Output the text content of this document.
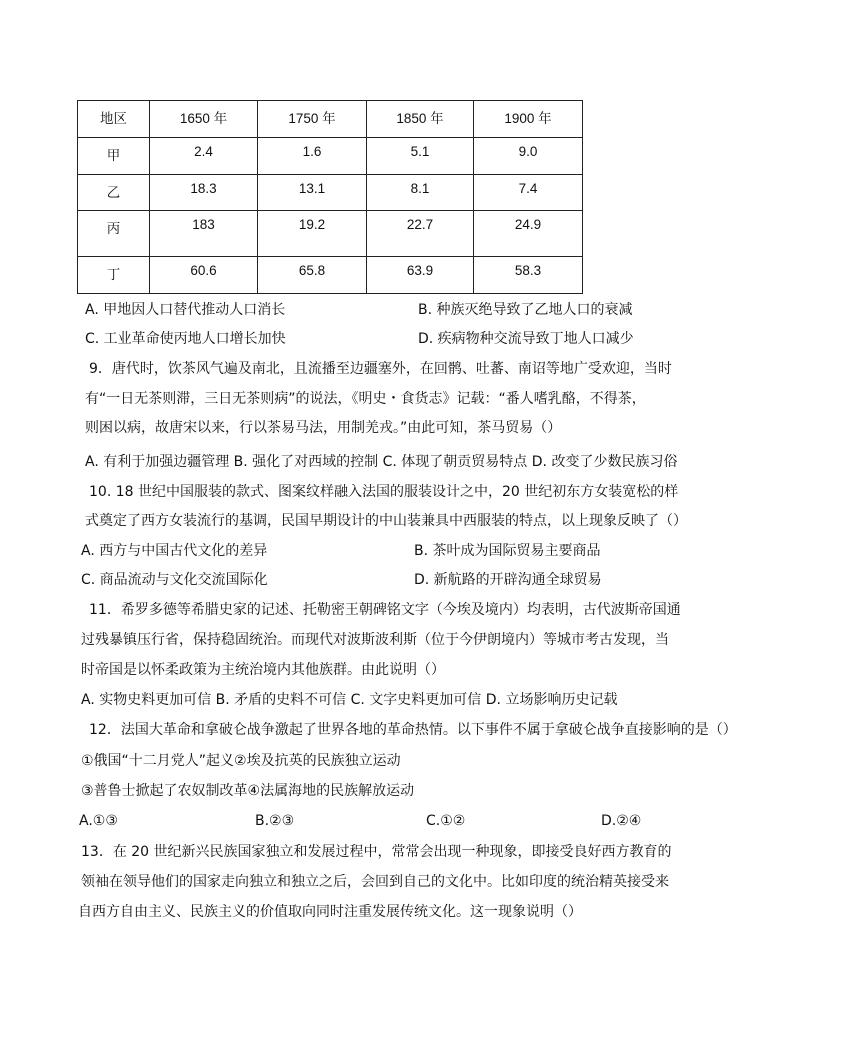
地区	1650 年	1750 年	1850 年	1900 年

甲	2.4	1.6	5.1	9.0

乙	18.3	13.1	8.1	7.4

丙	183	19.2	22.7	24.9

丁	60.6	65.8	63.9	58.3
A. 甲地因人口替代推动人口消长	B. 种族灭绝导致了乙地人口的衰减
C. 工业革命使丙地人口增长加快	D. 疾病物种交流导致丁地人口减少
9．唐代时，饮茶风气遍及南北，且流播至边疆塞外，在回鹘、吐蕃、南诏等地广受欢迎，当时
有“一日无茶则滞，三日无茶则病”的说法，《明史・食货志》记载：“番人嗜乳酪，不得茶，
则困以病，故唐宋以来，行以茶易马法，用制羌戎。”由此可知，茶马贸易（）
A. 有利于加强边疆管理 B. 强化了对西域的控制 C. 体现了朝贡贸易特点 D. 改变了少数民族习俗
10. 18 世纪中国服装的款式、图案纹样融入法国的服装设计之中，20 世纪初东方女装宽松的样
式奠定了西方女装流行的基调，民国早期设计的中山装兼具中西服装的特点，以上现象反映了（）
A. 西方与中国古代文化的差异	B. 茶叶成为国际贸易主要商品
C. 商品流动与文化交流国际化	D. 新航路的开辟沟通全球贸易
11．希罗多德等希腊史家的记述、托勒密王朝碑铭文字（今埃及境内）均表明，古代波斯帝国通
过残暴镇压行省，保持稳固统治。而现代对波斯波利斯（位于今伊朗境内）等城市考古发现，当
时帝国是以怀柔政策为主统治境内其他族群。由此说明（）
A. 实物史料更加可信 B. 矛盾的史料不可信 C. 文字史料更加可信 D. 立场影响历史记载
12．法国大革命和拿破仑战争激起了世界各地的革命热情。以下事件不属于拿破仑战争直接影响的是（）
①俄国“十二月党人”起义②埃及抗英的民族独立运动
③普鲁士掀起了农奴制改革④法属海地的民族解放运动
A.①③	B.②③	C.①②	D.②④
13．在 20 世纪新兴民族国家独立和发展过程中，常常会出现一种现象，即接受良好西方教育的
领袖在领导他们的国家走向独立和独立之后，会回到自己的文化中。比如印度的统治精英接受来
自西方自由主义、民族主义的价值取向同时注重发展传统文化。这一现象说明（）
